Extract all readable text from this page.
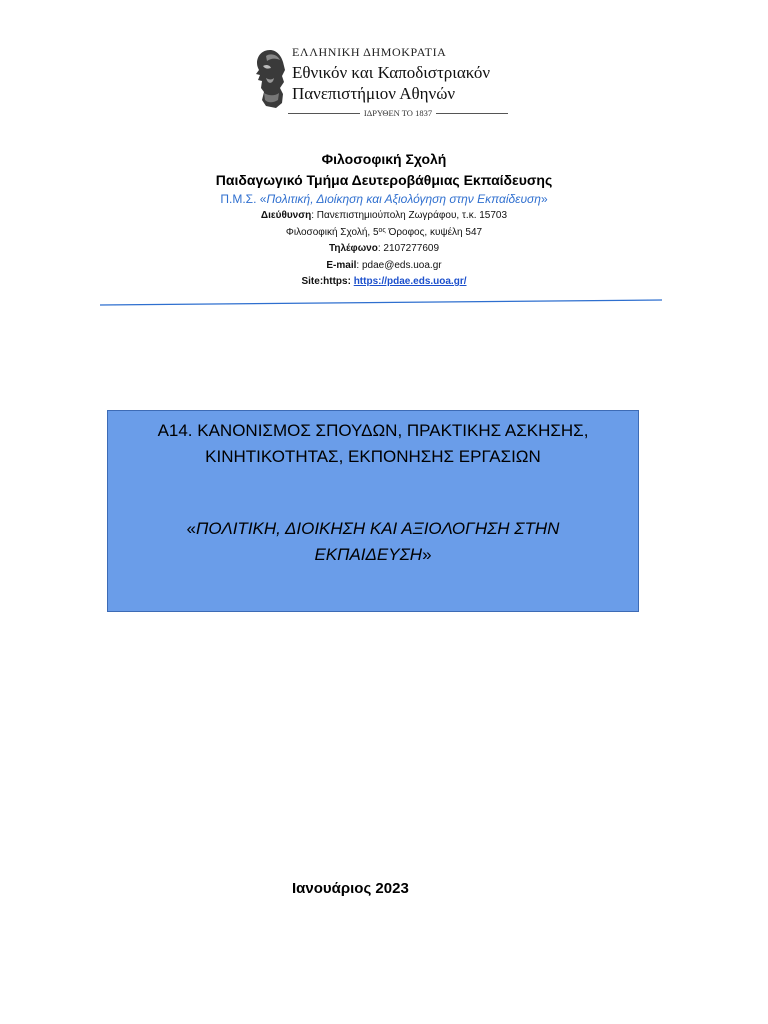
ΕΛΛΗΝΙΚΗ ΔΗΜΟΚΡΑΤΙΑ
Εθνικόν και Καποδιστριακόν
Πανεπιστήμιον Αθηνών
ΙΔΡΥΘΕΝ ΤΟ 1837
Φιλοσοφική Σχολή
Παιδαγωγικό Τμήμα Δευτεροβάθμιας Εκπαίδευσης
Π.Μ.Σ. «Πολιτική, Διοίκηση και Αξιολόγηση στην Εκπαίδευση»
Διεύθυνση: Πανεπιστημιούπολη Ζωγράφου, τ.κ. 15703
Φιλοσοφική Σχολή, $5^{o\varsigma}$ Όροφος, κυψέλη 547
Τηλέφωνο: 2107277609
E-mail: pdae@eds.uoa.gr
Site:https: https://pdae.eds.uoa.gr/
Α14. ΚΑΝΟΝΙΣΜΟΣ ΣΠΟΥΔΩΝ, ΠΡΑΚΤΙΚΗΣ ΑΣΚΗΣΗΣ,
ΚΙΝΗΤΙΚΟΤΗΤΑΣ, ΕΚΠΟΝΗΣΗΣ ΕΡΓΑΣΙΩΝ
«ΠΟΛΙΤΙΚΗ, ΔΙΟΙΚΗΣΗ ΚΑΙ ΑΞΙΟΛΟΓΗΣΗ ΣΤΗΝ
ΕΚΠΑΙΔΕΥΣΗ»
Ιανουάριος 2023
